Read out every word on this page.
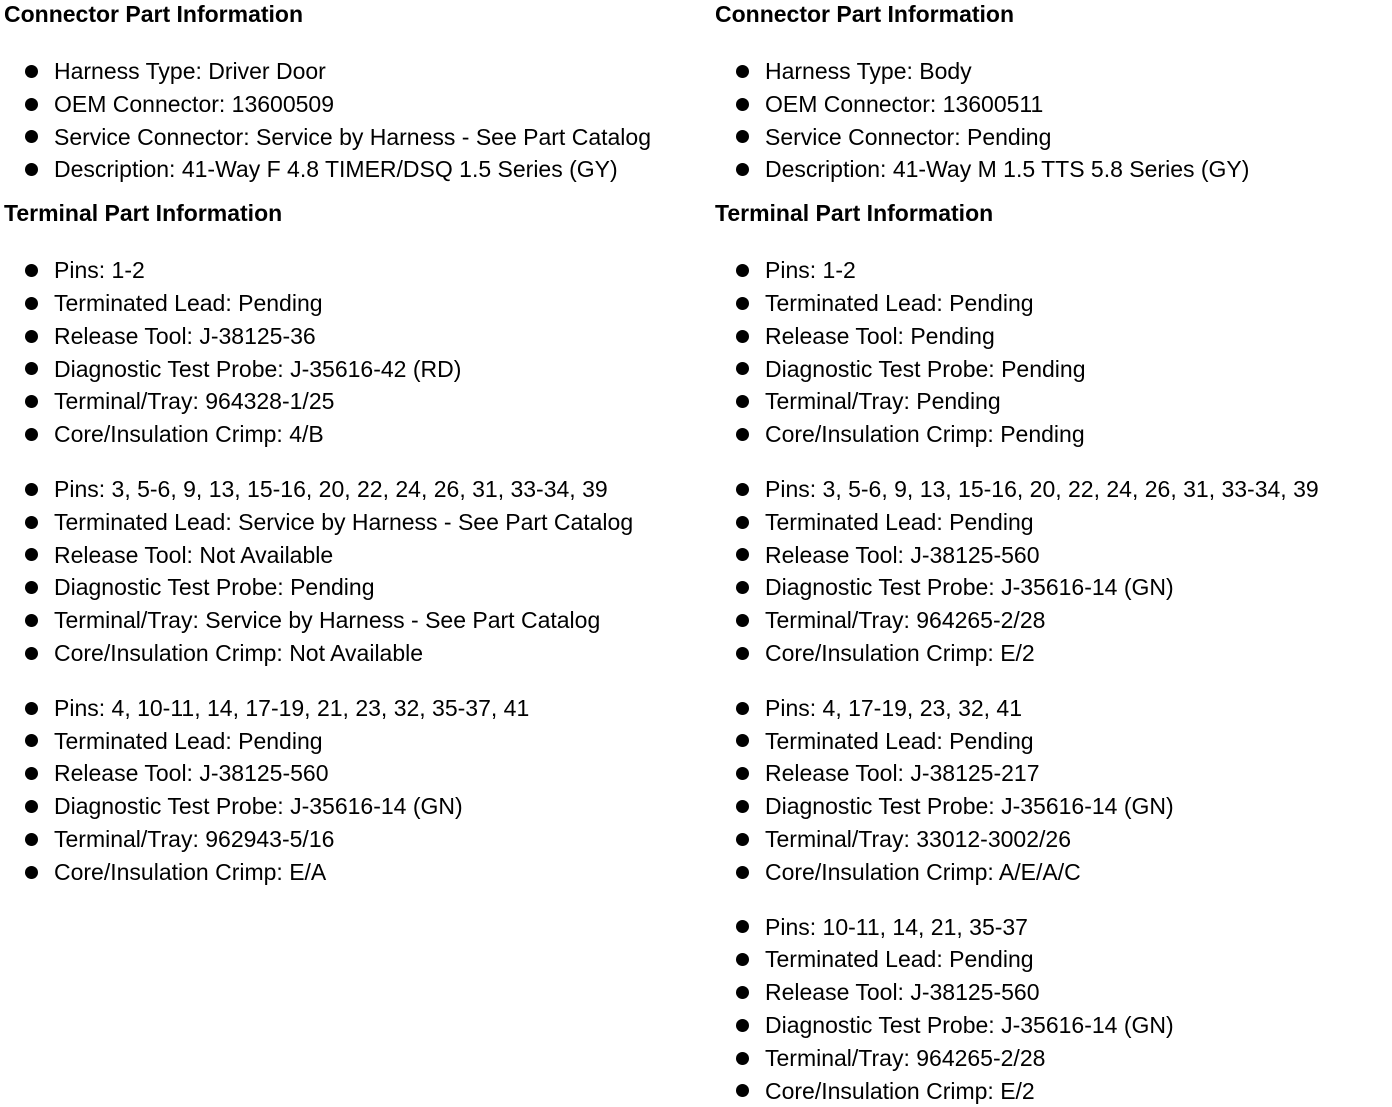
Connector Part Information
Harness Type: Driver Door
OEM Connector: 13600509
Service Connector: Service by Harness - See Part Catalog
Description: 41-Way F 4.8 TIMER/DSQ 1.5 Series (GY)
Terminal Part Information
Pins: 1-2
Terminated Lead: Pending
Release Tool: J-38125-36
Diagnostic Test Probe: J-35616-42 (RD)
Terminal/Tray: 964328-1/25
Core/Insulation Crimp: 4/B
Pins: 3, 5-6, 9, 13, 15-16, 20, 22, 24, 26, 31, 33-34, 39
Terminated Lead: Service by Harness - See Part Catalog
Release Tool: Not Available
Diagnostic Test Probe: Pending
Terminal/Tray: Service by Harness - See Part Catalog
Core/Insulation Crimp: Not Available
Pins: 4, 10-11, 14, 17-19, 21, 23, 32, 35-37, 41
Terminated Lead: Pending
Release Tool: J-38125-560
Diagnostic Test Probe: J-35616-14 (GN)
Terminal/Tray: 962943-5/16
Core/Insulation Crimp: E/A
Connector Part Information
Harness Type: Body
OEM Connector: 13600511
Service Connector: Pending
Description: 41-Way M 1.5 TTS 5.8 Series (GY)
Terminal Part Information
Pins: 1-2
Terminated Lead: Pending
Release Tool: Pending
Diagnostic Test Probe: Pending
Terminal/Tray: Pending
Core/Insulation Crimp: Pending
Pins: 3, 5-6, 9, 13, 15-16, 20, 22, 24, 26, 31, 33-34, 39
Terminated Lead: Pending
Release Tool: J-38125-560
Diagnostic Test Probe: J-35616-14 (GN)
Terminal/Tray: 964265-2/28
Core/Insulation Crimp: E/2
Pins: 4, 17-19, 23, 32, 41
Terminated Lead: Pending
Release Tool: J-38125-217
Diagnostic Test Probe: J-35616-14 (GN)
Terminal/Tray: 33012-3002/26
Core/Insulation Crimp: A/E/A/C
Pins: 10-11, 14, 21, 35-37
Terminated Lead: Pending
Release Tool: J-38125-560
Diagnostic Test Probe: J-35616-14 (GN)
Terminal/Tray: 964265-2/28
Core/Insulation Crimp: E/2
